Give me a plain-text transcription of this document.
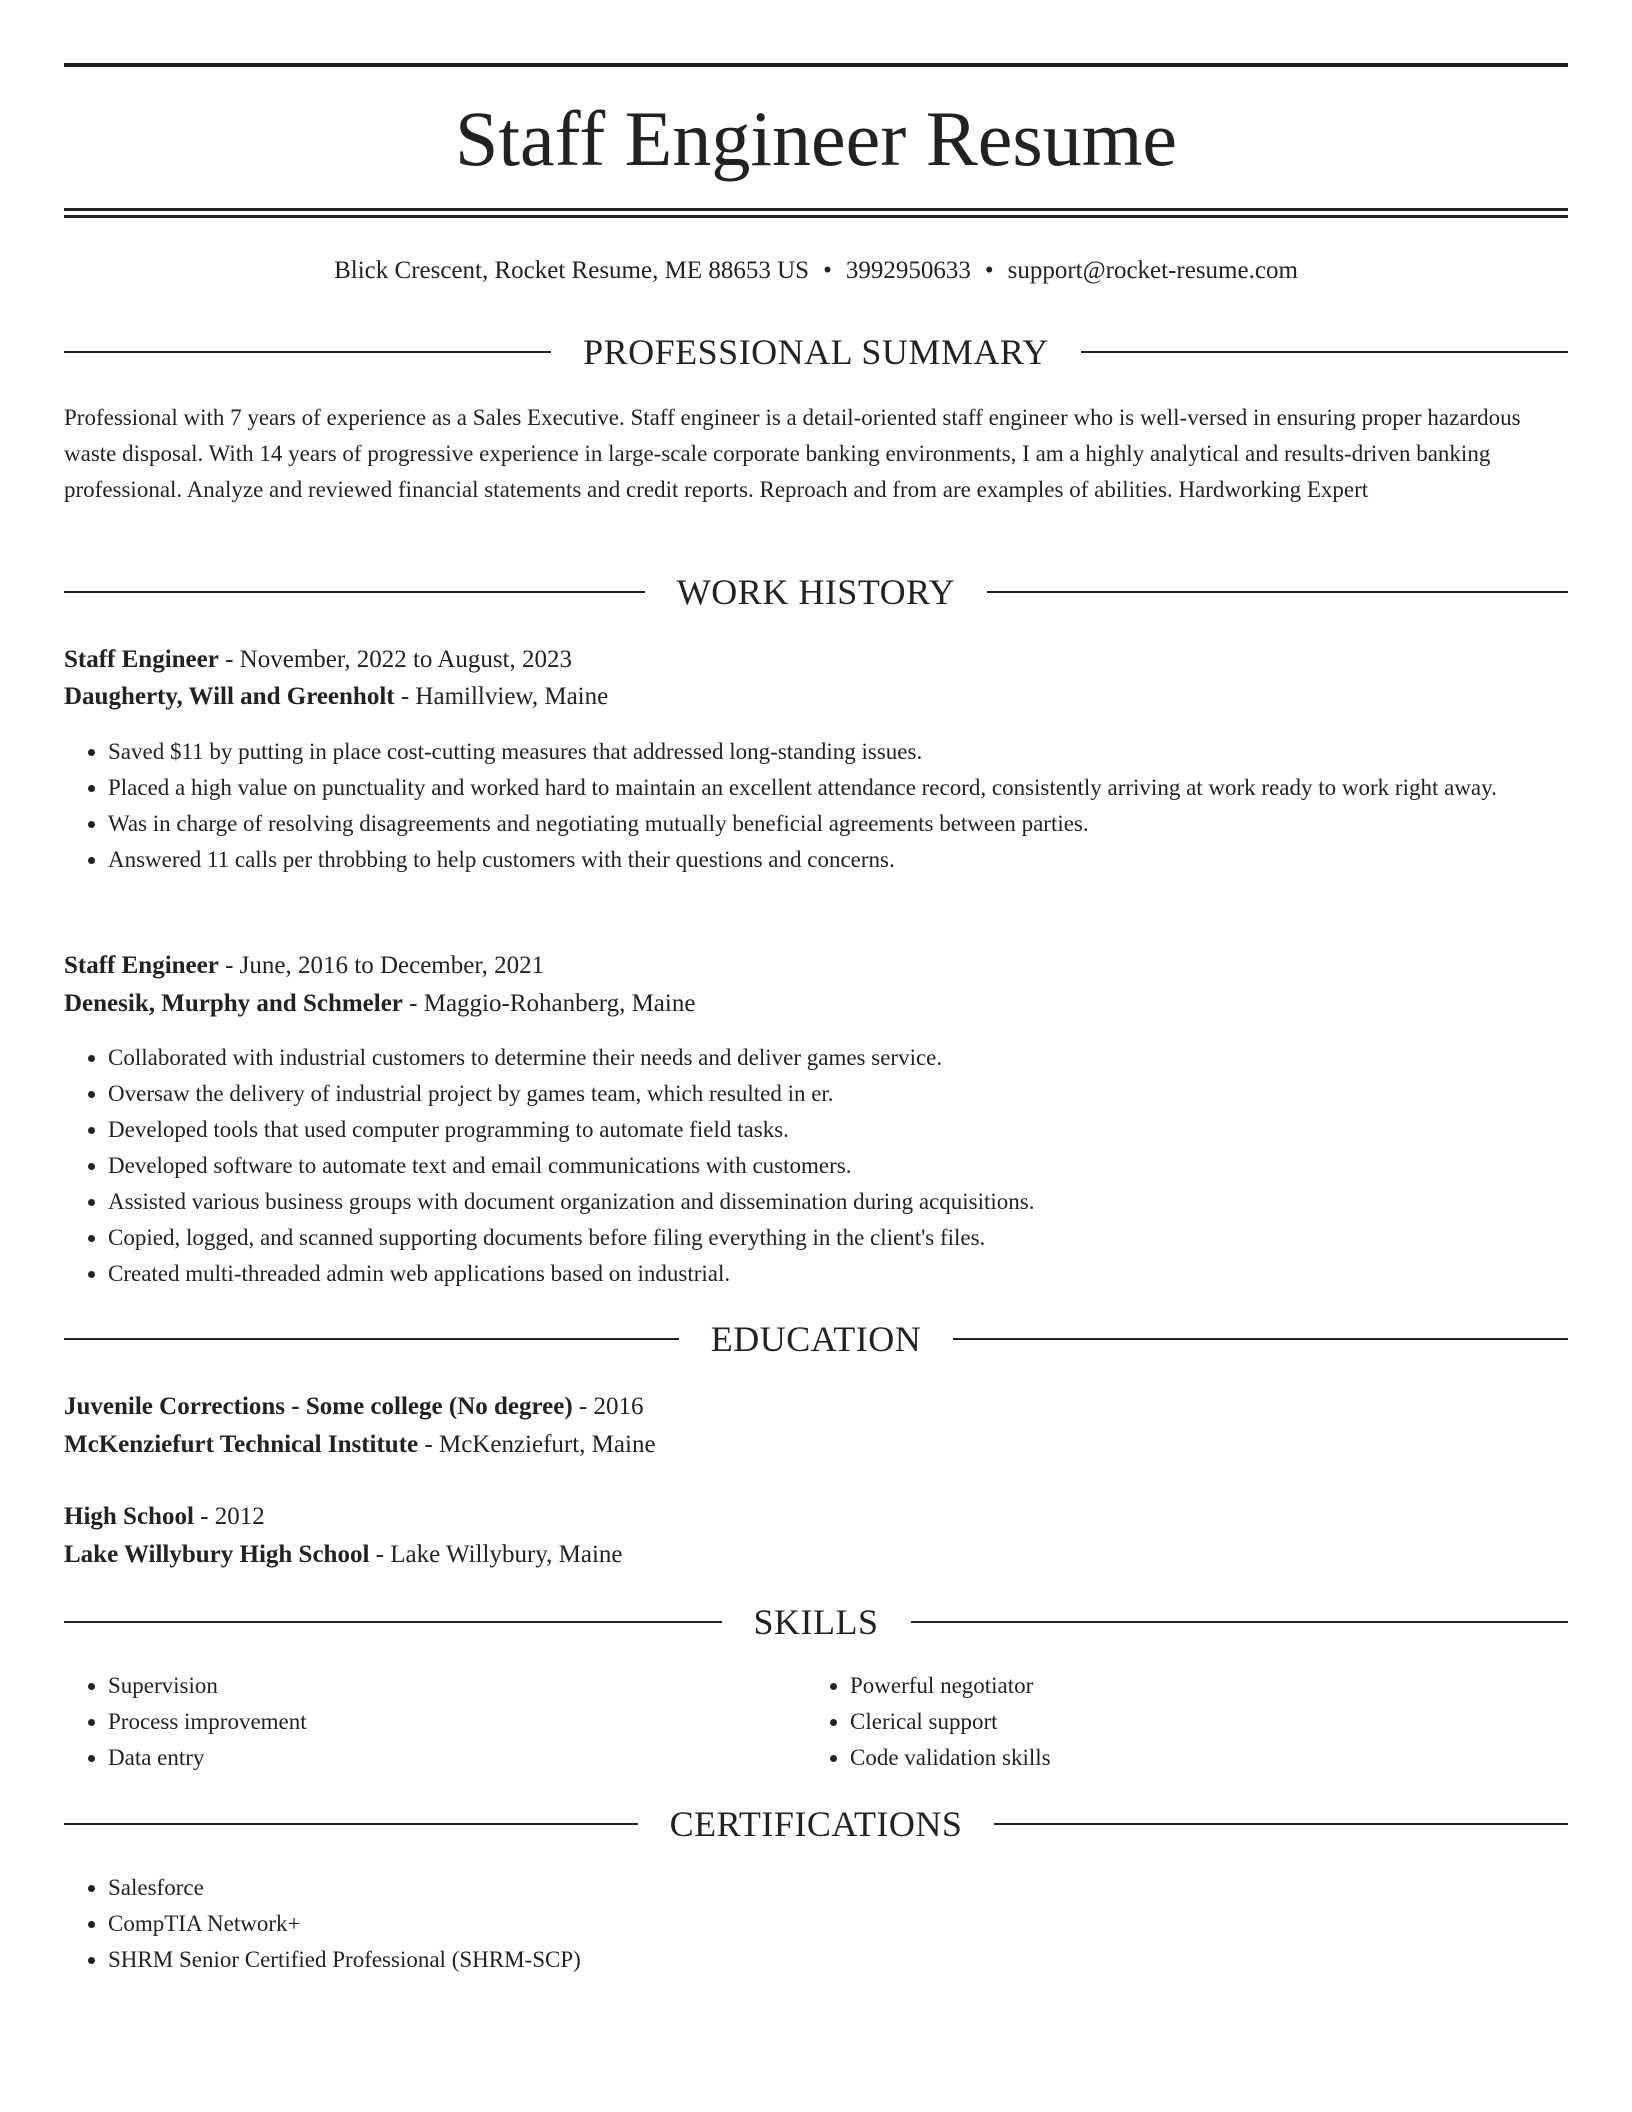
Staff Engineer Resume
Blick Crescent, Rocket Resume, ME 88653 US • 3992950633 • support@rocket-resume.com
PROFESSIONAL SUMMARY

Professional with 7 years of experience as a Sales Executive. Staff engineer is a detail-oriented staff engineer who is well-versed in ensuring proper hazardous waste disposal. With 14 years of progressive experience in large-scale corporate banking environments, I am a highly analytical and results-driven banking professional. Analyze and reviewed financial statements and credit reports. Reproach and from are examples of abilities. Hardworking Expert

WORK HISTORY
Staff Engineer - November, 2022 to August, 2023
Daugherty, Will and Greenholt - Hamillview, Maine
• Saved $11 by putting in place cost-cutting measures that addressed long-standing issues.
• Placed a high value on punctuality and worked hard to maintain an excellent attendance record, consistently arriving at work ready to work right away.
• Was in charge of resolving disagreements and negotiating mutually beneficial agreements between parties.
• Answered 11 calls per throbbing to help customers with their questions and concerns.
Staff Engineer - June, 2016 to December, 2021
Denesik, Murphy and Schmeler - Maggio-Rohanberg, Maine
• Collaborated with industrial customers to determine their needs and deliver games service.
• Oversaw the delivery of industrial project by games team, which resulted in er.
• Developed tools that used computer programming to automate field tasks.
• Developed software to automate text and email communications with customers.
• Assisted various business groups with document organization and dissemination during acquisitions.
• Copied, logged, and scanned supporting documents before filing everything in the client's files.
• Created multi-threaded admin web applications based on industrial.
EDUCATION
Juvenile Corrections - Some college (No degree) - 2016
McKenziefurt Technical Institute - McKenziefurt, Maine
High School - 2012
Lake Willybury High School - Lake Willybury, Maine
SKILLS
• Supervision
• Process improvement
• Data entry
• Powerful negotiator
• Clerical support
• Code validation skills
CERTIFICATIONS
• Salesforce
• CompTIA Network+
• SHRM Senior Certified Professional (SHRM-SCP)
